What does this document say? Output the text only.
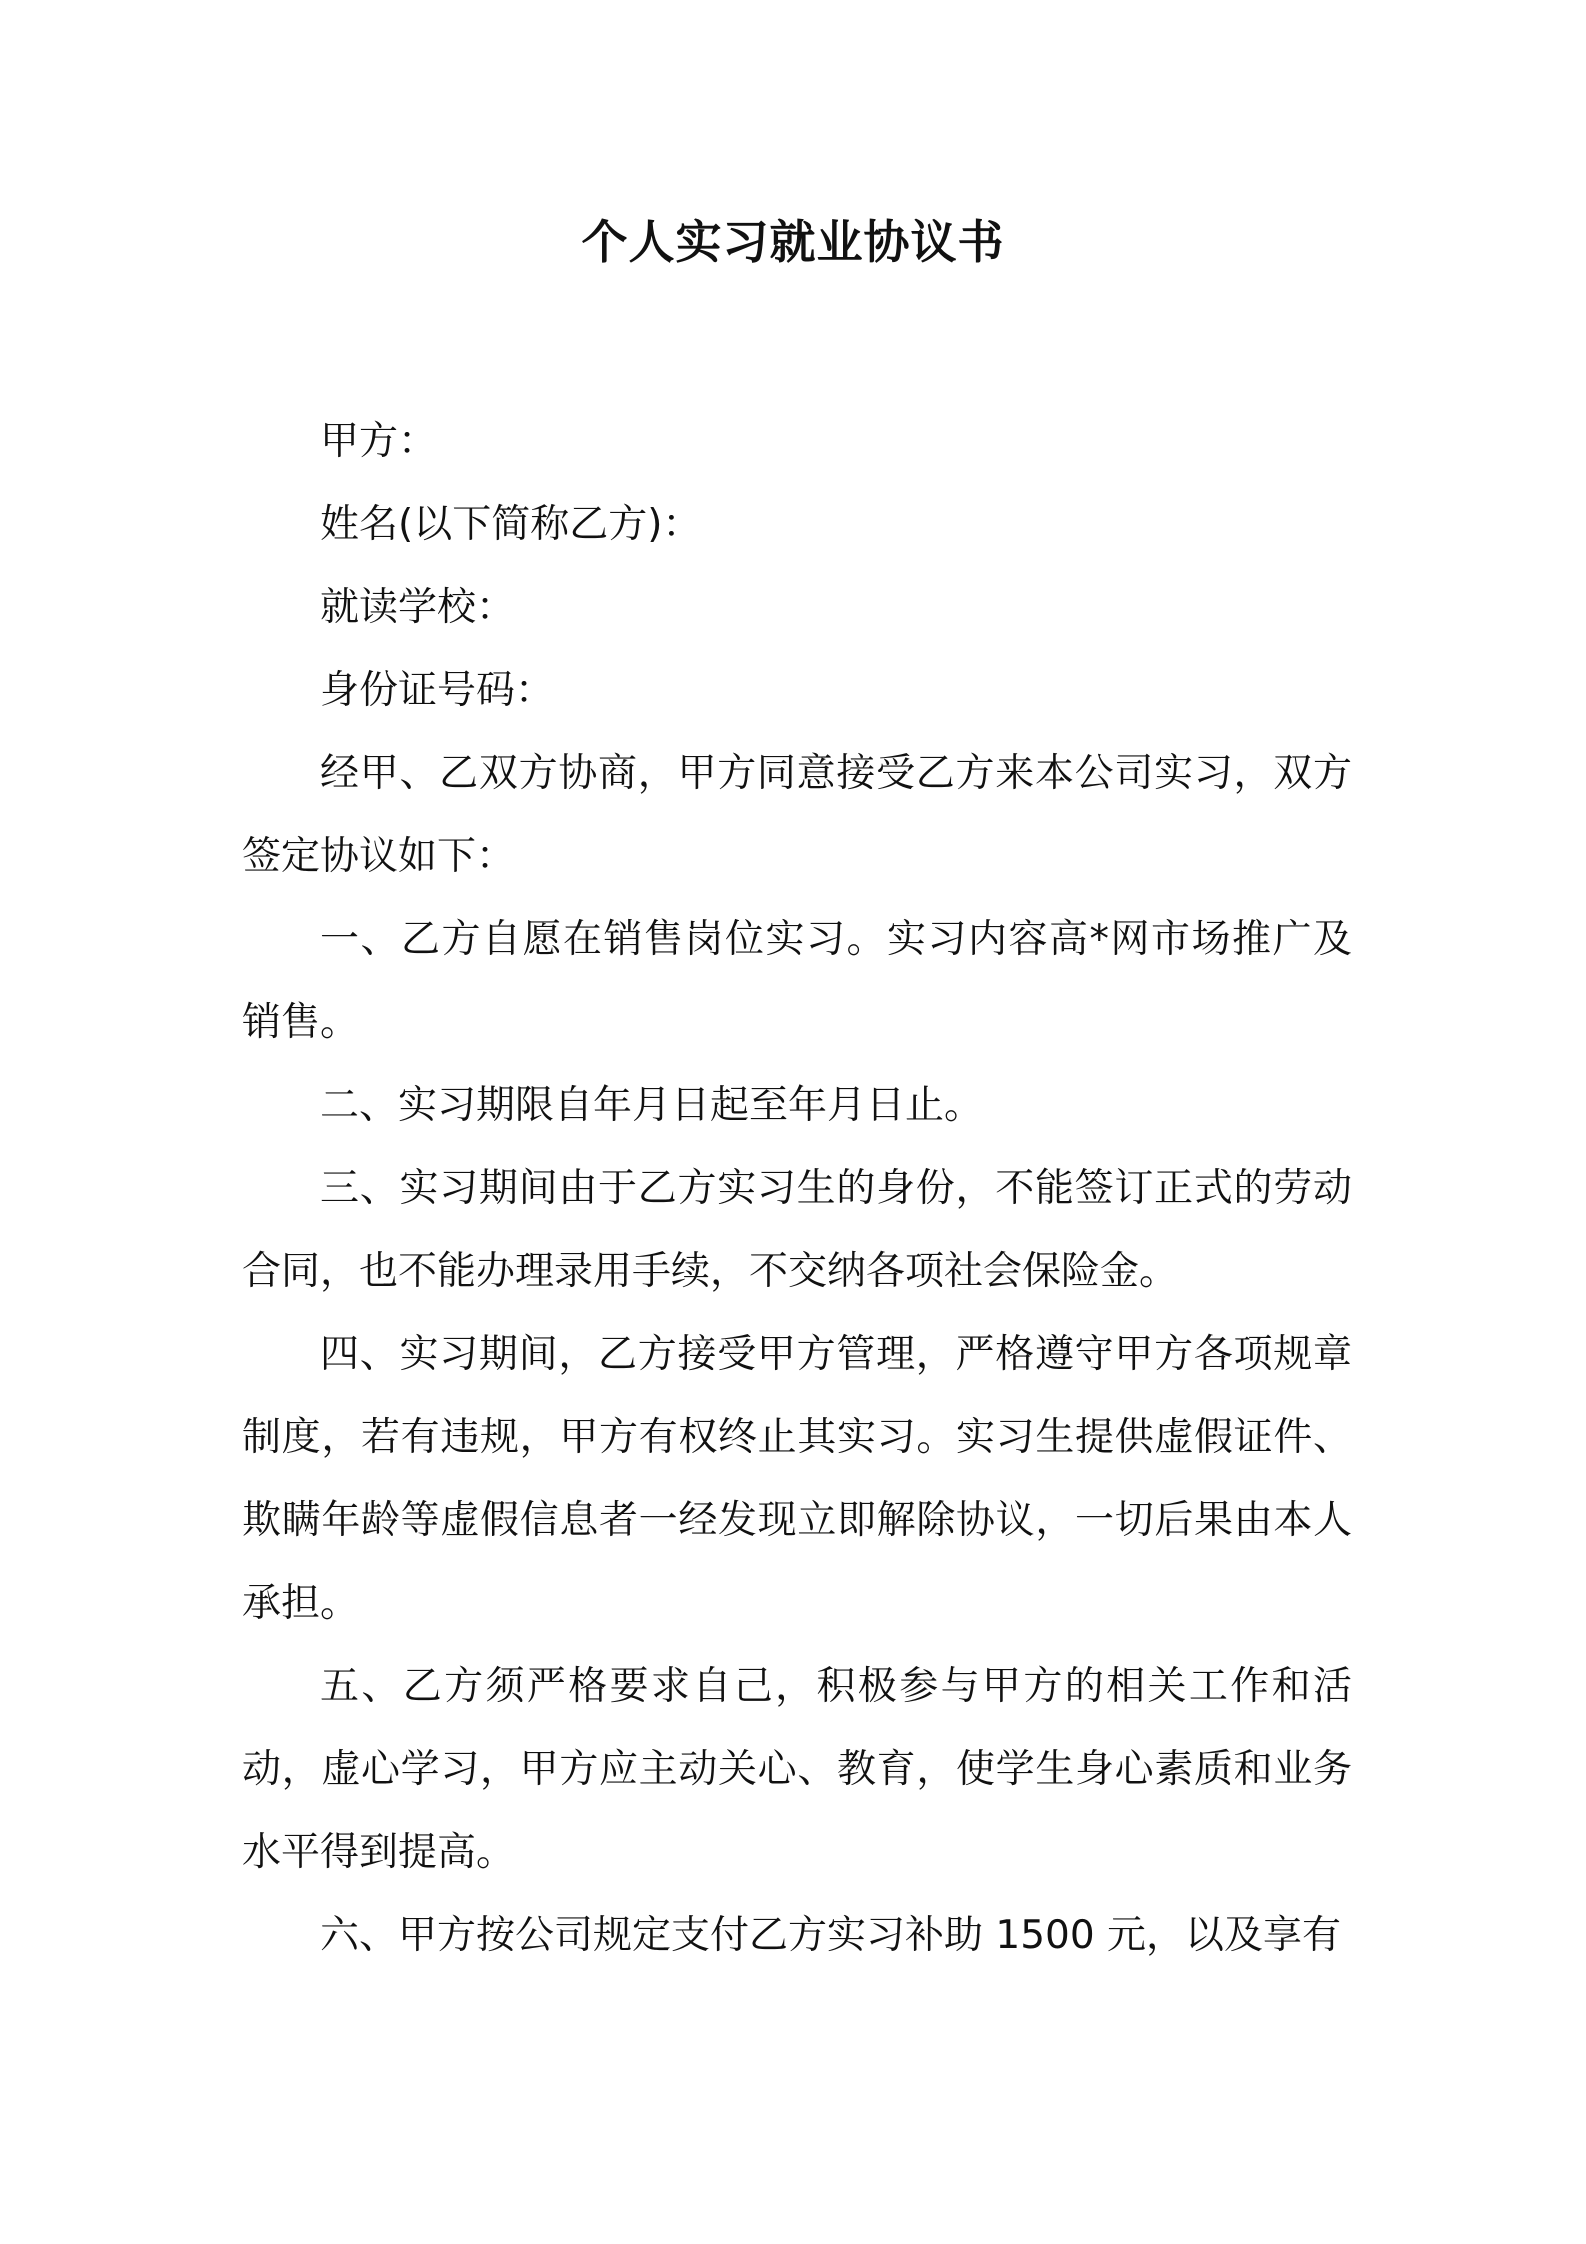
个人实习就业协议书

甲方：

姓名(以下简称乙方)：

就读学校：

身份证号码：

经甲、乙双方协商，甲方同意接受乙方来本公司实习，双方签定协议如下：

一、乙方自愿在销售岗位实习。实习内容高*网市场推广及销售。

二、实习期限自年月日起至年月日止。

三、实习期间由于乙方实习生的身份，不能签订正式的劳动合同，也不能办理录用手续，不交纳各项社会保险金。

四、实习期间，乙方接受甲方管理，严格遵守甲方各项规章制度，若有违规，甲方有权终止其实习。实习生提供虚假证件、欺瞒年龄等虚假信息者一经发现立即解除协议，一切后果由本人承担。

五、乙方须严格要求自己，积极参与甲方的相关工作和活动，虚心学习，甲方应主动关心、教育，使学生身心素质和业务水平得到提高。

六、甲方按公司规定支付乙方实习补助 1500 元，以及享有
